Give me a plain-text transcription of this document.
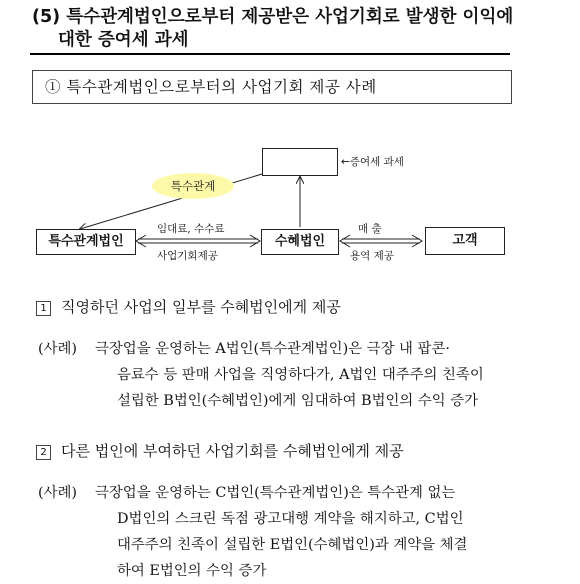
(5) 특수관계법인으로부터 제공받은 사업기회로 발생한 이익에
대한 증여세 과세
① 특수관계법인으로부터의 사업기회 제공 사례
←증여세 과세
특수관계
특수관계법인
임대료, 수수료
사업기회제공
수혜법인
매 출
용역 제공
고객
1 직영하던 사업의 일부를 수혜법인에게 제공
(사례) 극장업을 운영하는 A법인(특수관계법인)은 극장 내 팝콘·
음료수 등 판매 사업을 직영하다가, A법인 대주주의 친족이
설립한 B법인(수혜법인)에게 임대하여 B법인의 수익 증가
2 다른 법인에 부여하던 사업기회를 수혜법인에게 제공
(사례) 극장업을 운영하는 C법인(특수관계법인)은 특수관계 없는
D법인의 스크린 독점 광고대행 계약을 해지하고, C법인
대주주의 친족이 설립한 E법인(수혜법인)과 계약을 체결
하여 E법인의 수익 증가
